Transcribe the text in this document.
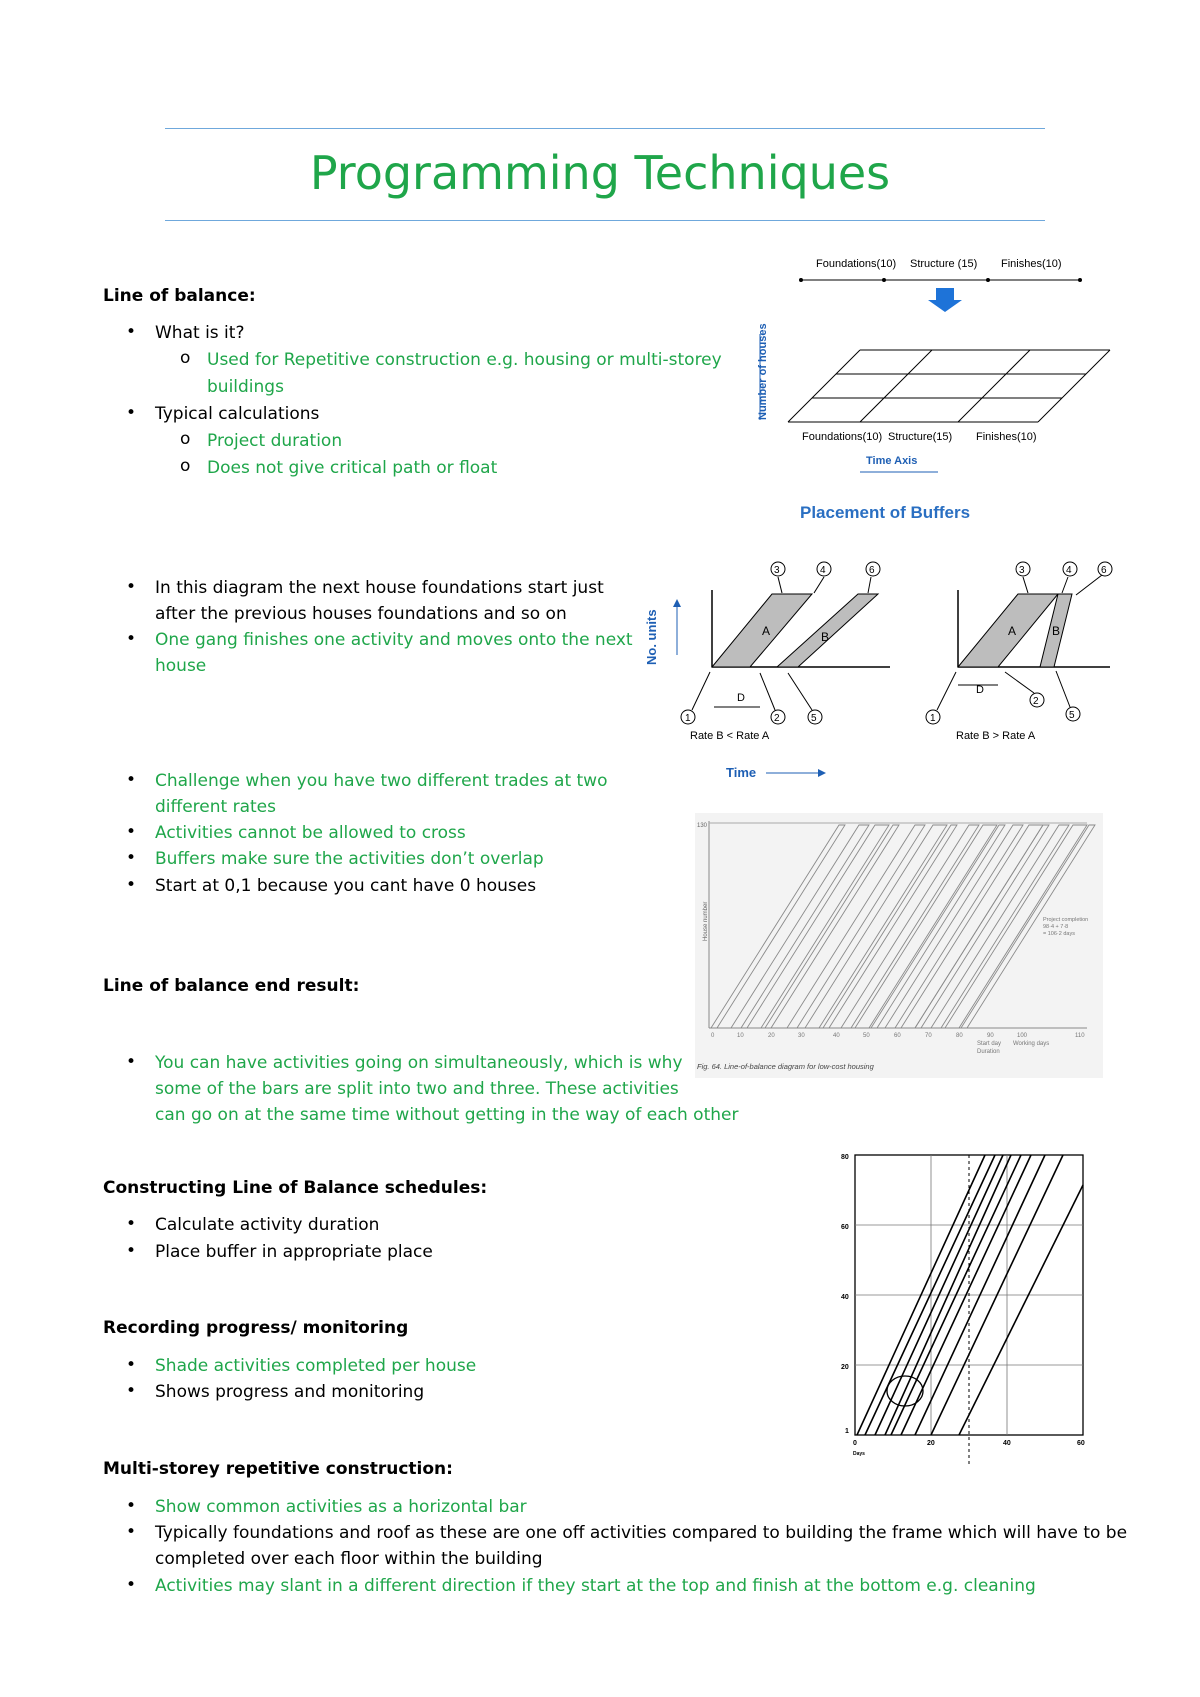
Programming Techniques
Line of balance:
• What is it?
o Used for Repetitive construction e.g. housing or multi-storey
buildings
• Typical calculations
o Project duration
o Does not give critical path or float
• In this diagram the next house foundations start just
after the previous houses foundations and so on
• One gang finishes one activity and moves onto the next
house
• Challenge when you have two different trades at two
different rates
• Activities cannot be allowed to cross
• Buffers make sure the activities don’t overlap
• Start at 0,1 because you cant have 0 houses
Line of balance end result:
• You can have activities going on simultaneously, which is why
some of the bars are split into two and three. These activities
can go on at the same time without getting in the way of each other
Constructing Line of Balance schedules:
• Calculate activity duration
• Place buffer in appropriate place
Recording progress/ monitoring
• Shade activities completed per house
• Shows progress and monitoring
Multi-storey repetitive construction:
• Show common activities as a horizontal bar
• Typically foundations and roof as these are one off activities compared to building the frame which will have to be
completed over each floor within the building
• Activities may slant in a different direction if they start at the top and finish at the bottom e.g. cleaning
Foundations(10) Structure (15) Finishes(10)
Number of houses
Foundations(10) Structure(15) Finishes(10)
Time Axis
Placement of Buffers
No. units	A	B
D
3	4	6
1	2	5
Rate B < Rate A
A	B
D
3	4	6
1
2
5
Rate B > Rate A
Time
130
House number
0	10	20	30	40	50	60	70	80	90	100	110
Start day
Duration
Working days
Project completion
98·4 + 7·8
= 106·2 days
Fig. 64. Line-of-balance diagram for low-cost housing
80
60
40
20
1
0	20	40	60
Days
